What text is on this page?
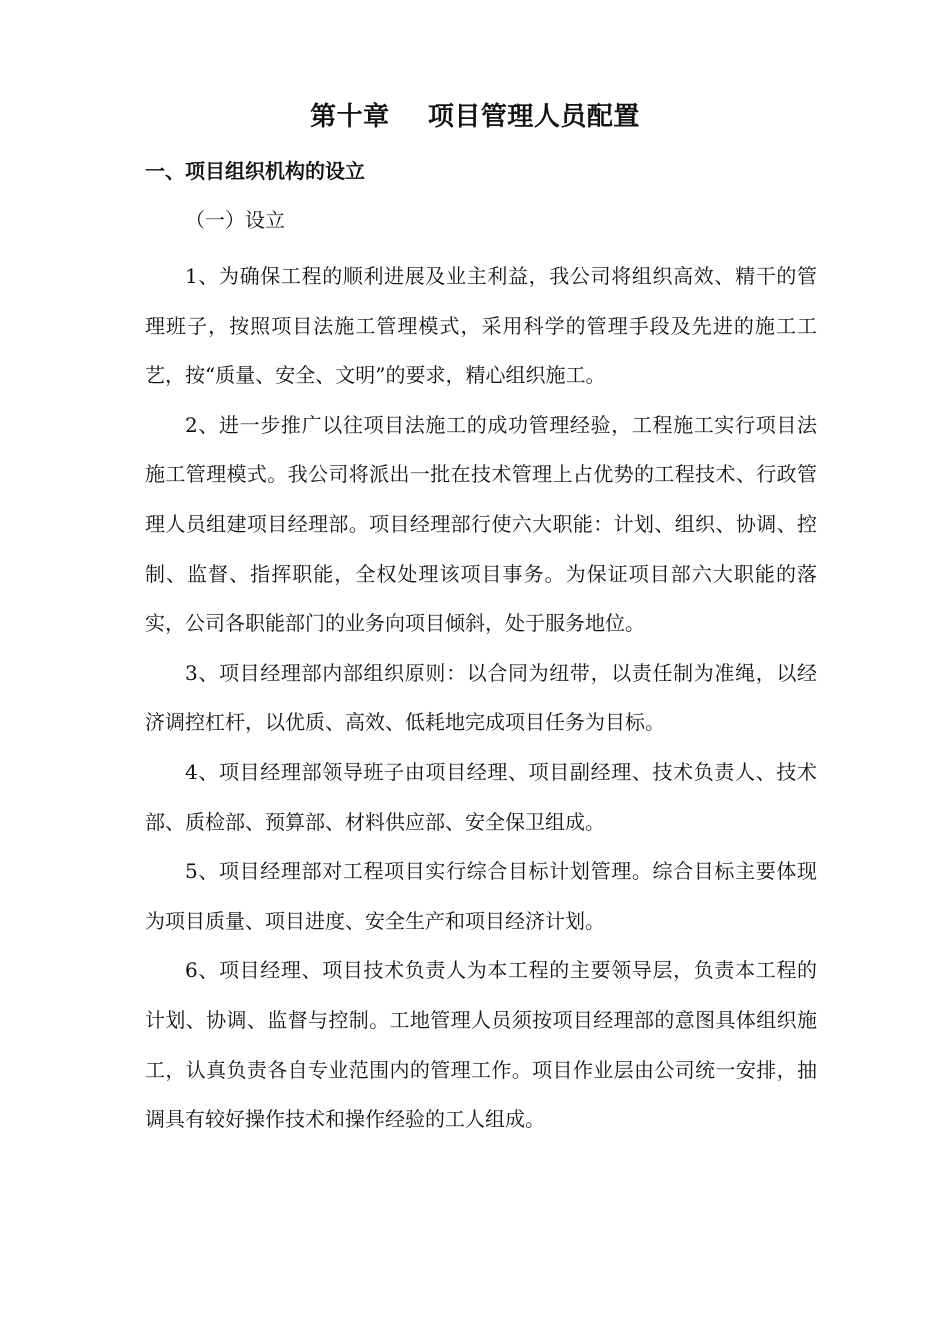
第十章    项目管理人员配置
一、项目组织机构的设立
（一）设立

1、为确保工程的顺利进展及业主利益，我公司将组织高效、精干的管理班子，按照项目法施工管理模式，采用科学的管理手段及先进的施工工艺，按“质量、安全、文明”的要求，精心组织施工。

2、进一步推广以往项目法施工的成功管理经验，工程施工实行项目法施工管理模式。我公司将派出一批在技术管理上占优势的工程技术、行政管理人员组建项目经理部。项目经理部行使六大职能：计划、组织、协调、控制、监督、指挥职能，全权处理该项目事务。为保证项目部六大职能的落实，公司各职能部门的业务向项目倾斜，处于服务地位。

3、项目经理部内部组织原则：以合同为纽带，以责任制为准绳，以经济调控杠杆，以优质、高效、低耗地完成项目任务为目标。

4、项目经理部领导班子由项目经理、项目副经理、技术负责人、技术部、质检部、预算部、材料供应部、安全保卫组成。

5、项目经理部对工程项目实行综合目标计划管理。综合目标主要体现为项目质量、项目进度、安全生产和项目经济计划。

6、项目经理、项目技术负责人为本工程的主要领导层，负责本工程的计划、协调、监督与控制。工地管理人员须按项目经理部的意图具体组织施工，认真负责各自专业范围内的管理工作。项目作业层由公司统一安排，抽调具有较好操作技术和操作经验的工人组成。
